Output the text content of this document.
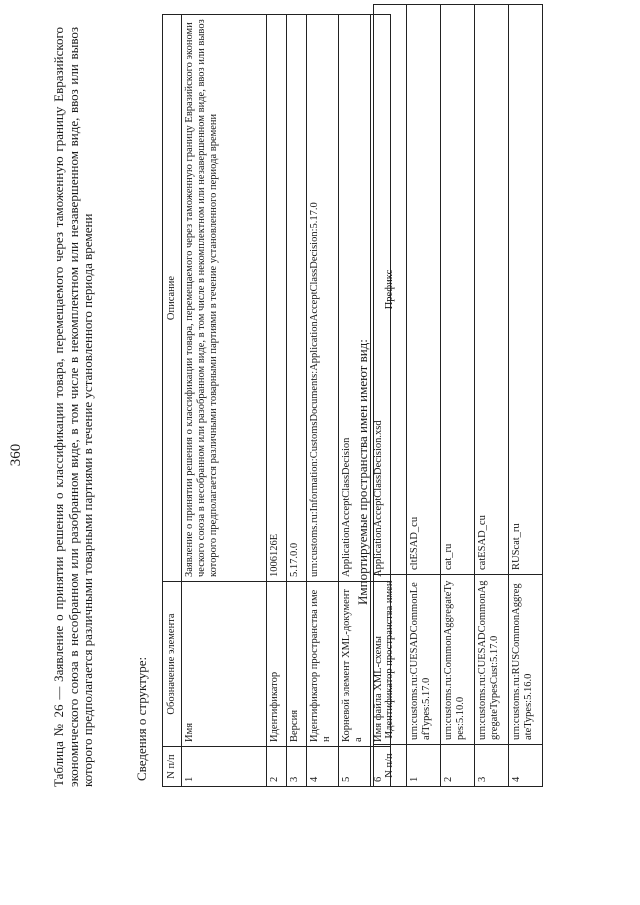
360 Таблица № 26 — Заявление о принятии решения о классификации товара, перемещаемого через таможенную границу Евразийского экономического союза в несобранном или разобранном виде, в том числе в некомплектном или незавершенном виде, ввоз или вывоз которого предполагается различными товарными партиями в течение установленного периода времени	Сведения о структуре: N п/п	Обозначение элемента	Описание
1	Имя	Заявление о принятии решения о классификации товара, перемещаемого через таможенную границу Евразийского экономического союза в несобранном или разобранном виде, в том числе в некомплектном или незавершенном виде, ввоз или вывоз которого предполагается различными товарными партиями в течение установленного периода времени
2	Идентификатор	1006126E
3	Версия	5.17.0.0
4	Идентификатор пространства имен	urn:customs.ru:Information:CustomsDocuments:ApplicationAcceptClassDecision:5.17.0
5	Корневой элемент XML-документа	ApplicationAcceptClassDecision
6	Имя файла XML-схемы	ApplicationAcceptClassDecision.xsd
Импортируемые пространства имен имеют вид:
N п/п	Идентификатор пространства имен	Префикс
1	urn:customs.ru:CUESADCommonLeafTypes:5.17.0	cltESAD_cu
2	urn:customs.ru:CommonAggregateTypes:5.10.0	cat_ru
3	urn:customs.ru:CUESADCommonAggregateTypesCust:5.17.0	catESAD_cu
4	urn:customs.ru:RUSCommonAggregateTypes:5.16.0	RUScat_ru
